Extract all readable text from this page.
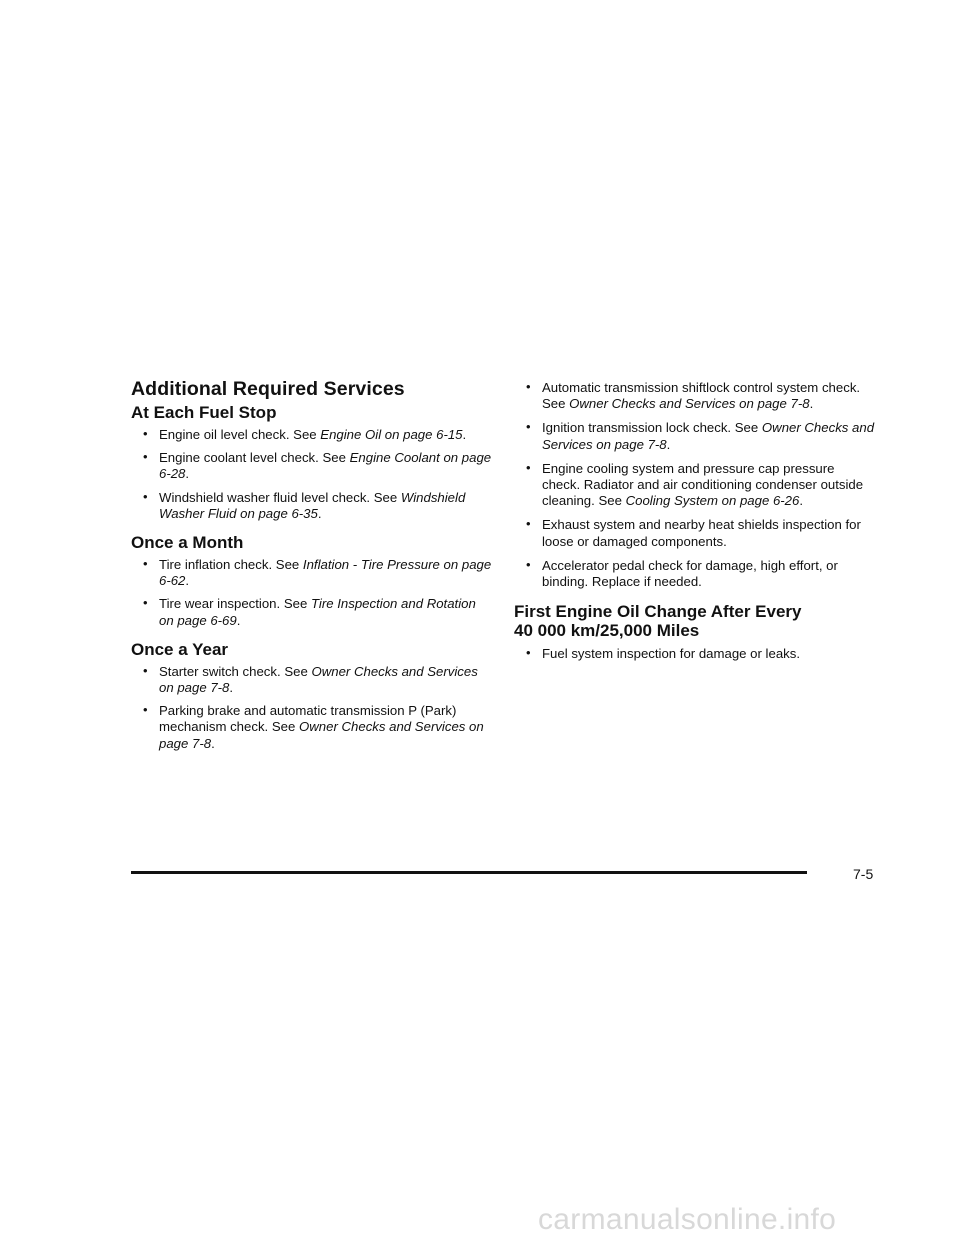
Additional Required Services
At Each Fuel Stop
• Engine oil level check. See Engine Oil on page 6-15.
• Engine coolant level check. See Engine Coolant on page 6-28.
• Windshield washer fluid level check. See Windshield Washer Fluid on page 6-35.
Once a Month
• Tire inflation check. See Inflation - Tire Pressure on page 6-62.
• Tire wear inspection. See Tire Inspection and Rotation on page 6-69.
Once a Year
• Starter switch check. See Owner Checks and Services on page 7-8.
• Parking brake and automatic transmission P (Park) mechanism check. See Owner Checks and Services on page 7-8.
• Automatic transmission shiftlock control system check. See Owner Checks and Services on page 7-8.
• Ignition transmission lock check. See Owner Checks and Services on page 7-8.
• Engine cooling system and pressure cap pressure check. Radiator and air conditioning condenser outside cleaning. See Cooling System on page 6-26.
• Exhaust system and nearby heat shields inspection for loose or damaged components.
• Accelerator pedal check for damage, high effort, or binding. Replace if needed.
First Engine Oil Change After Every
40 000 km/25,000 Miles
• Fuel system inspection for damage or leaks.
7-5
carmanualsonline.info
